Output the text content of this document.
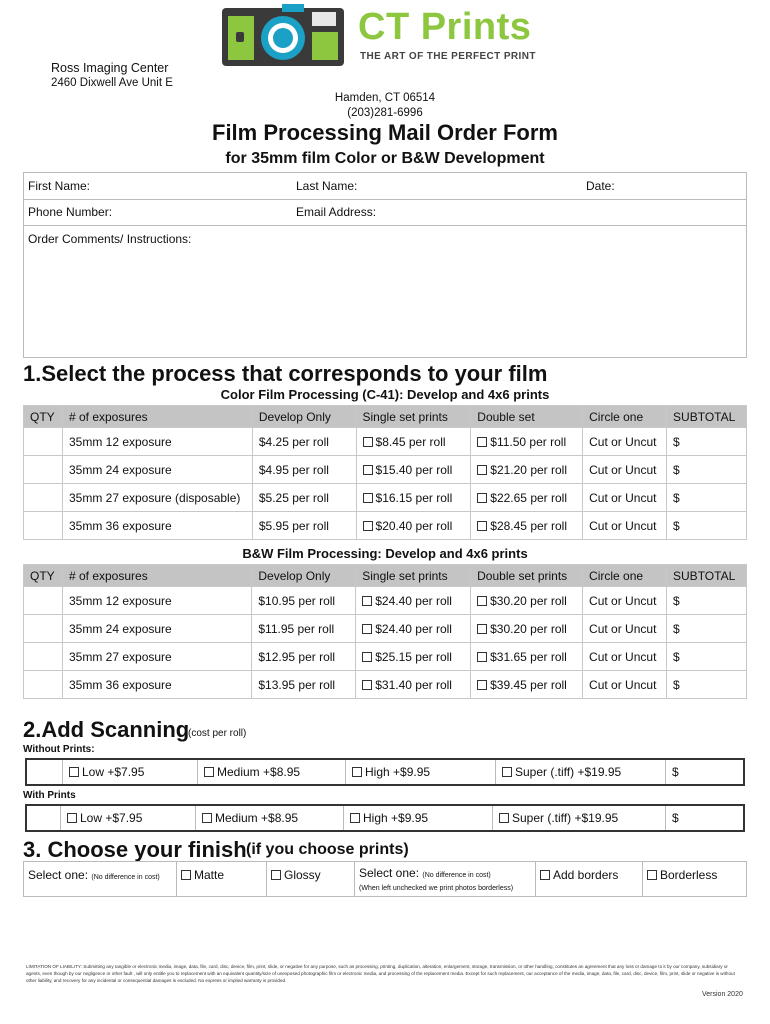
CT Prints
THE ART OF THE PERFECT PRINT
Ross Imaging Center
2460 Dixwell Ave Unit E
Hamden, CT 06514
(203)281-6996
Film Processing Mail Order Form
for 35mm film Color or B&W Development
First Name:	Last Name:	Date:
Phone Number:	Email Address:
Order Comments/ Instructions:
1.Select the process that corresponds to your film
Color Film Processing (C-41): Develop and 4x6 prints
QTY	# of exposures	Develop Only	Single set prints	Double set	Circle one	SUBTOTAL
	35mm 12 exposure	$4.25 per roll	$8.45 per roll	$11.50 per roll	Cut or Uncut	$
	35mm 24 exposure	$4.95 per roll	$15.40 per roll	$21.20 per roll	Cut or Uncut	$
	35mm 27 exposure (disposable)	$5.25 per roll	$16.15 per roll	$22.65 per roll	Cut or Uncut	$
	35mm 36 exposure	$5.95 per roll	$20.40 per roll	$28.45 per roll	Cut or Uncut	$
B&W Film Processing: Develop and 4x6 prints
QTY	# of exposures	Develop Only	Single set prints	Double set prints	Circle one	SUBTOTAL
	35mm 12 exposure	$10.95 per roll	$24.40 per roll	$30.20 per roll	Cut or Uncut	$
	35mm 24 exposure	$11.95 per roll	$24.40 per roll	$30.20 per roll	Cut or Uncut	$
	35mm 27 exposure	$12.95 per roll	$25.15 per roll	$31.65 per roll	Cut or Uncut	$
	35mm 36 exposure	$13.95 per roll	$31.40 per roll	$39.45 per roll	Cut or Uncut	$
2.Add Scanning
(cost per roll)
Without Prints:
Low +$7.95	Medium +$8.95	High +$9.95	Super (.tiff) +$19.95	$
With Prints
Low +$7.95	Medium +$8.95	High +$9.95	Super (.tiff) +$19.95	$
3. Choose your finish (if you choose prints)
Select one: (No difference in cost)	Matte	Glossy	Select one: (No difference in cost)
(When left unchecked we print photos borderless)
Add borders	Borderless
LIMITATION OF LIABILITY: Submitting any tangible or electronic media, image, data, file, card, disc, device, film, print, slide, or negative for any purpose, such as processing, printing, duplication, alteration, enlargement, storage, transmission, or other handling, constitutes an agreement that any loss or damage to it by our company, subsidiary or agents, even though by our negligence or other fault , will only entitle you to replacement with an equivalent quantity/size of unexposed photographic film or electronic media, and processing of the replacement media. Except for such replacement, our acceptance of the media, image, data, file, card, disc, device, film, print, slide or negative is without other liability, and recovery for any incidental or consequential damages is excluded. No express or implied warranty is provided.
Version 2020
